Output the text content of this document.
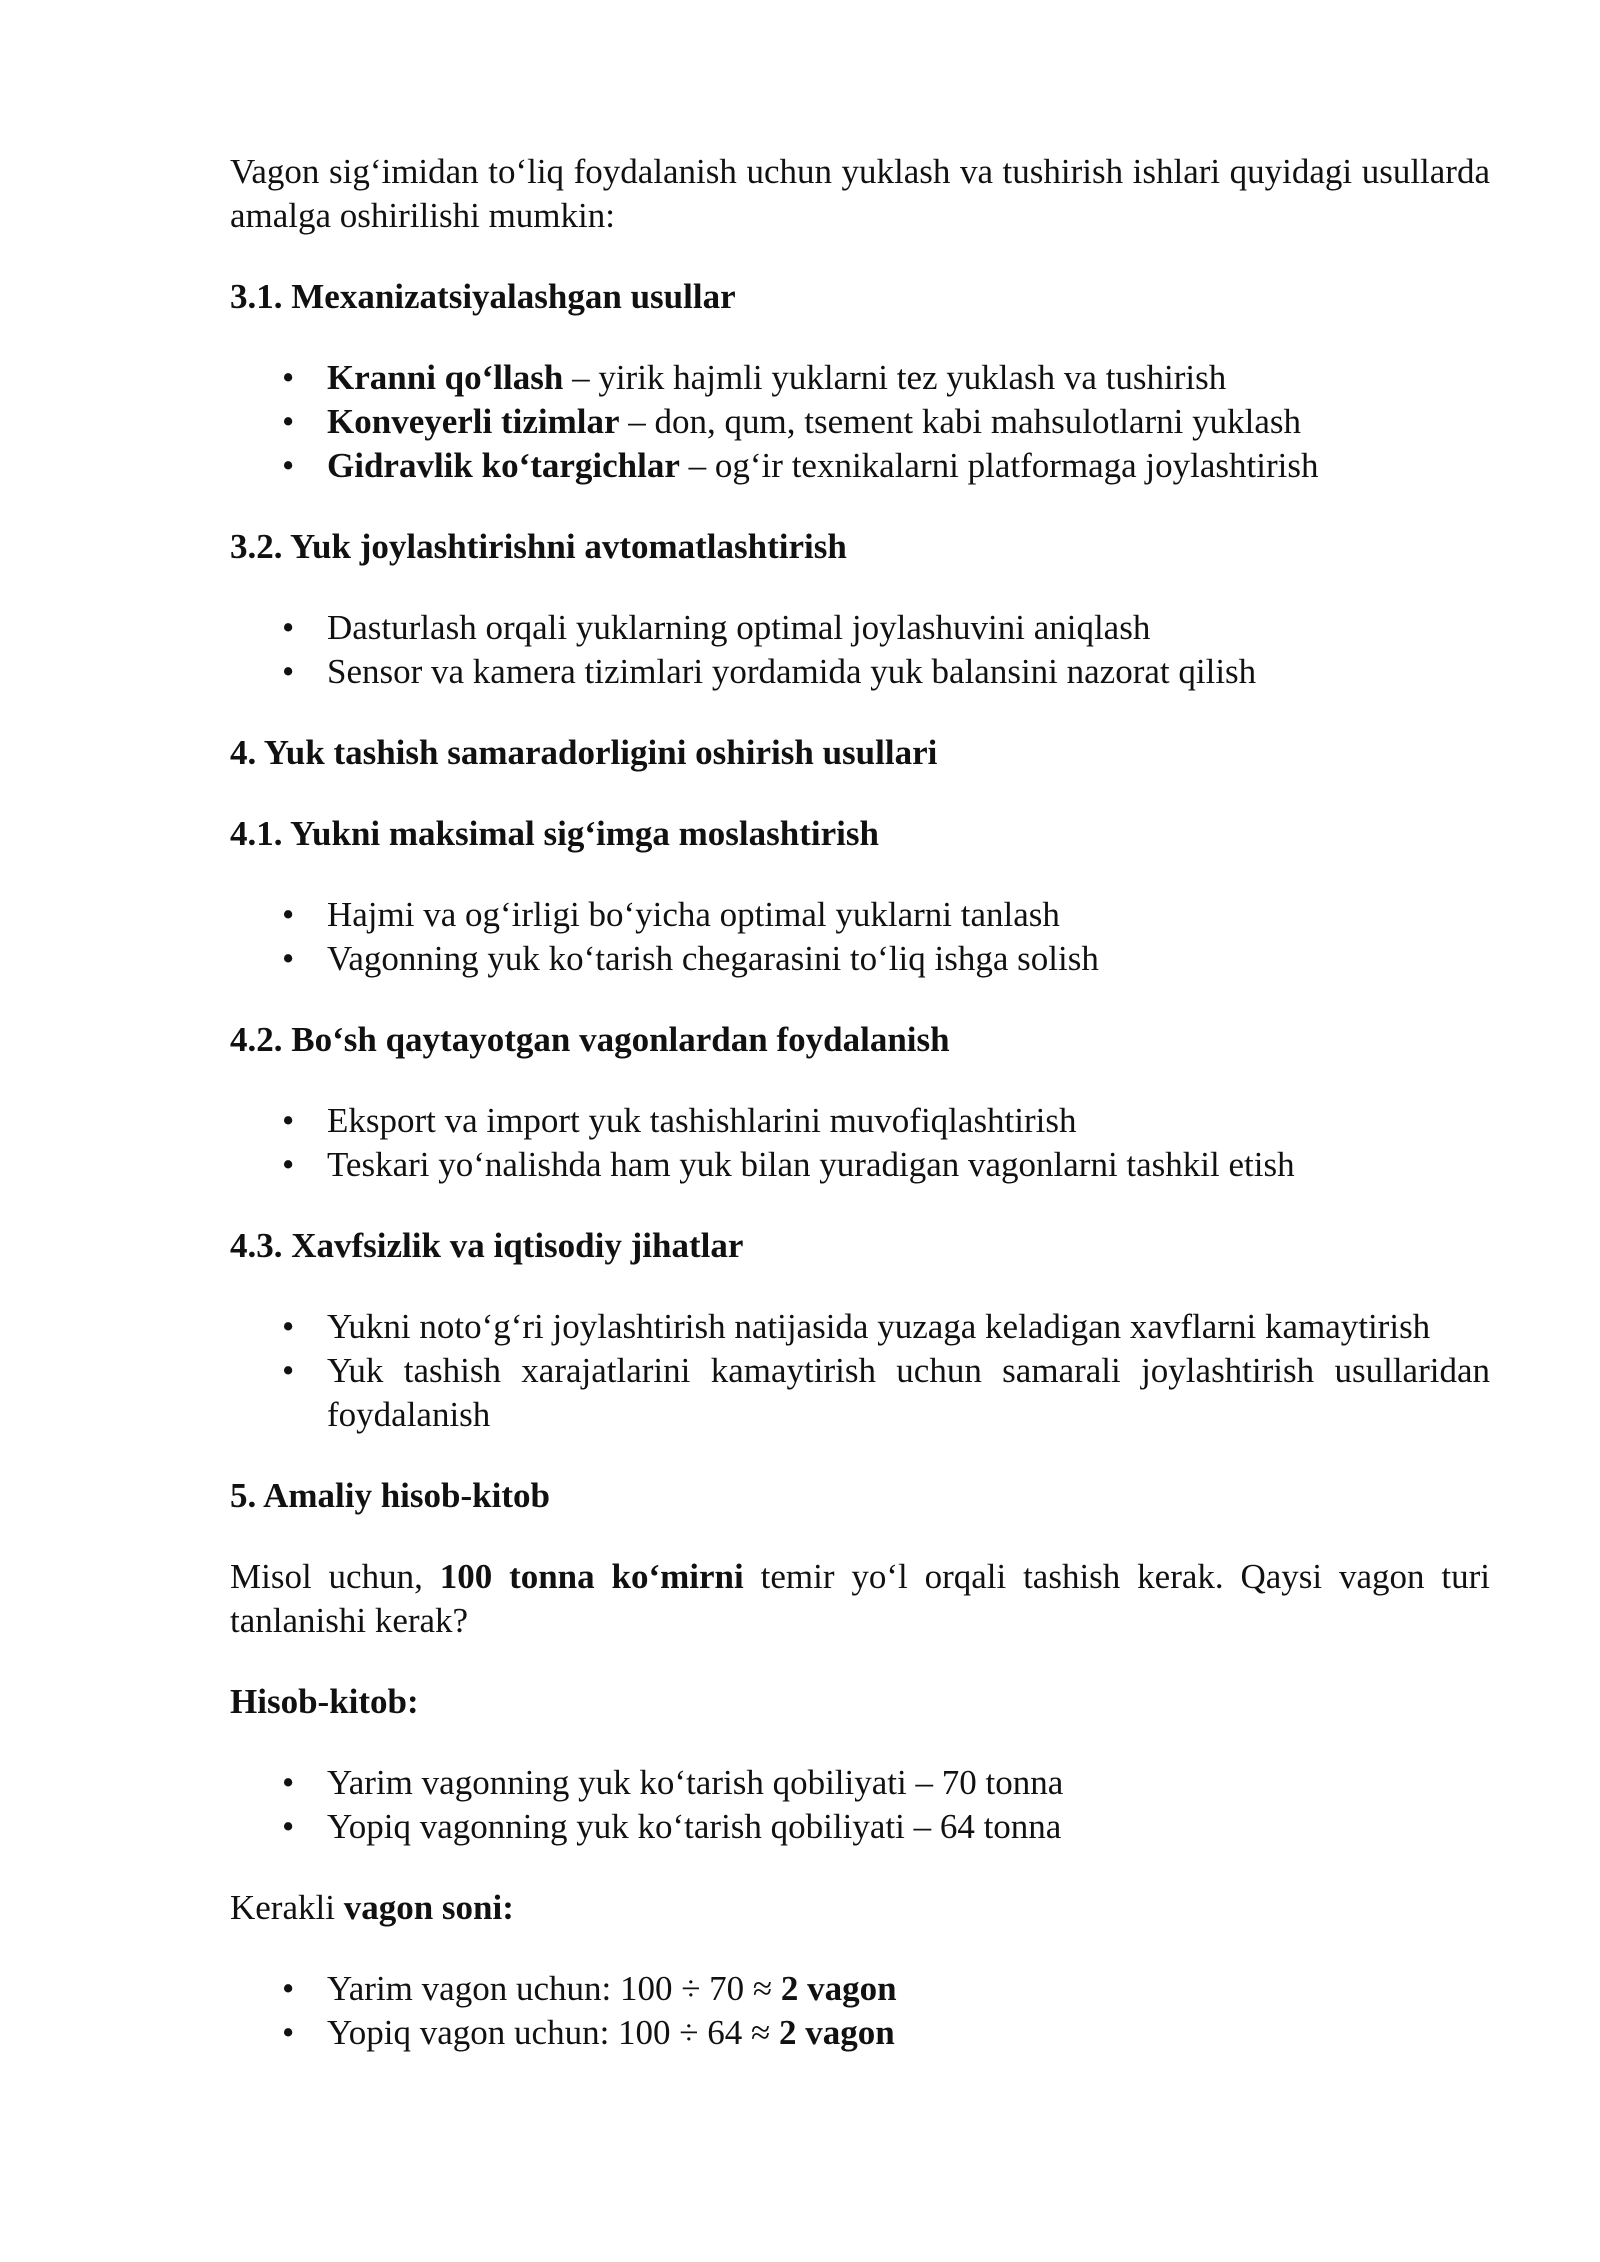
Vagon sig‘imidan to‘liq foydalanish uchun yuklash va tushirish ishlari quyidagi usullarda amalga oshirilishi mumkin:

3.1. Mexanizatsiyalashgan usullar

• Kranni qo‘llash – yirik hajmli yuklarni tez yuklash va tushirish
• Konveyerli tizimlar – don, qum, tsement kabi mahsulotlarni yuklash
• Gidravlik ko‘targichlar – og‘ir texnikalarni platformaga joylashtirish

3.2. Yuk joylashtirishni avtomatlashtirish

• Dasturlash orqali yuklarning optimal joylashuvini aniqlash
• Sensor va kamera tizimlari yordamida yuk balansini nazorat qilish

4. Yuk tashish samaradorligini oshirish usullari

4.1. Yukni maksimal sig‘imga moslashtirish

• Hajmi va og‘irligi bo‘yicha optimal yuklarni tanlash
• Vagonning yuk ko‘tarish chegarasini to‘liq ishga solish

4.2. Bo‘sh qaytayotgan vagonlardan foydalanish

• Eksport va import yuk tashishlarini muvofiqlashtirish
• Teskari yo‘nalishda ham yuk bilan yuradigan vagonlarni tashkil etish

4.3. Xavfsizlik va iqtisodiy jihatlar

• Yukni noto‘g‘ri joylashtirish natijasida yuzaga keladigan xavflarni kamaytirish
• Yuk tashish xarajatlarini kamaytirish uchun samarali joylashtirish usullaridan foydalanish

5. Amaliy hisob-kitob

Misol uchun, 100 tonna ko‘mirni temir yo‘l orqali tashish kerak. Qaysi vagon turi tanlanishi kerak?

Hisob-kitob:

• Yarim vagonning yuk ko‘tarish qobiliyati – 70 tonna
• Yopiq vagonning yuk ko‘tarish qobiliyati – 64 tonna

Kerakli vagon soni:

• Yarim vagon uchun: 100 ÷ 70 ≈ 2 vagon
• Yopiq vagon uchun: 100 ÷ 64 ≈ 2 vagon
